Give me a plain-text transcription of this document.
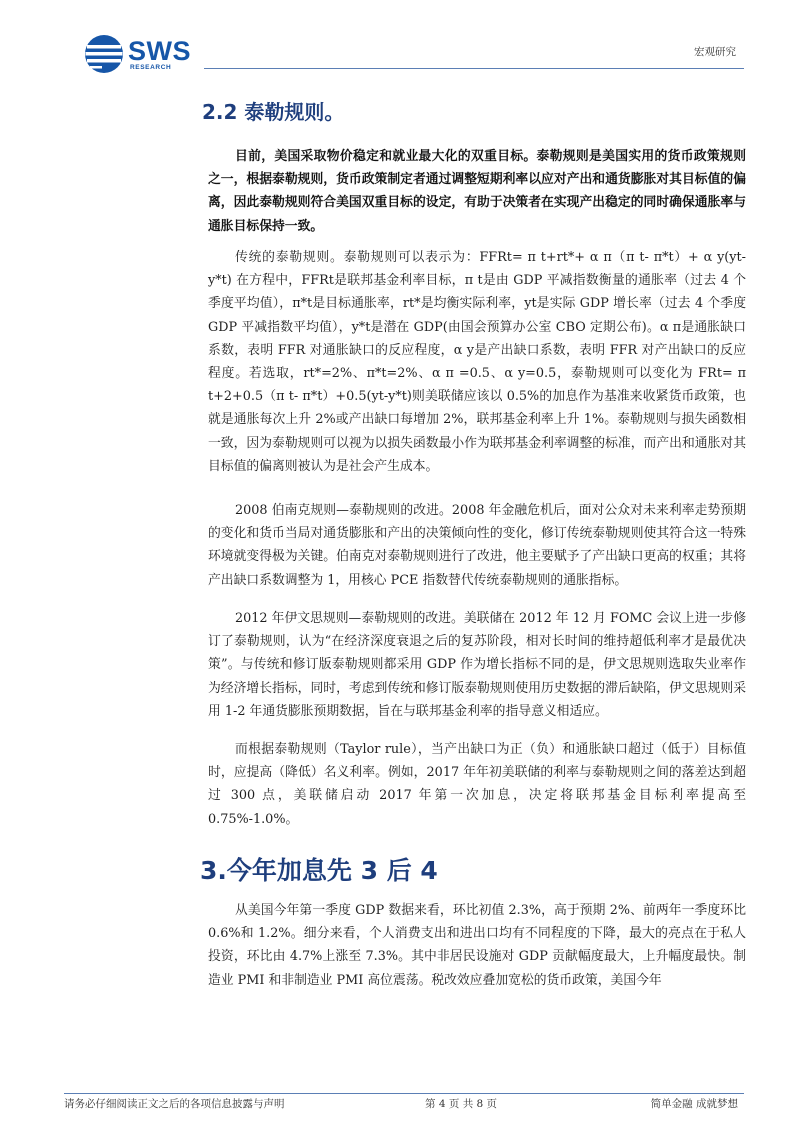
SWS
RESEARCH
宏观研究
2.2 泰勒规则。

目前，美国采取物价稳定和就业最大化的双重目标。泰勒规则是美国实用的货币政策规则之一，根据泰勒规则，货币政策制定者通过调整短期利率以应对产出和通货膨胀对其目标值的偏离，因此泰勒规则符合美国双重目标的设定，有助于决策者在实现产出稳定的同时确保通胀率与通胀目标保持一致。

传统的泰勒规则。泰勒规则可以表示为：FFRt= π t+rt*+ α π（π t- π*t）+ α y(yt-y*t) 在方程中，FFRt是联邦基金利率目标，π t是由 GDP 平减指数衡量的通胀率（过去 4 个季度平均值），π*t是目标通胀率，rt*是均衡实际利率，yt是实际 GDP 增长率（过去 4 个季度 GDP 平减指数平均值），y*t是潜在 GDP(由国会预算办公室 CBO 定期公布)。α π是通胀缺口系数，表明 FFR 对通胀缺口的反应程度，α y是产出缺口系数，表明 FFR 对产出缺口的反应程度。若选取，rt*=2%、π*t=2%、α π =0.5、α y=0.5，泰勒规则可以变化为 FRt= π t+2+0.5（π t- π*t）+0.5(yt-y*t)则美联储应该以 0.5%的加息作为基准来收紧货币政策，也就是通胀每次上升 2%或产出缺口每增加 2%，联邦基金利率上升 1%。泰勒规则与损失函数相一致，因为泰勒规则可以视为以损失函数最小作为联邦基金利率调整的标准，而产出和通胀对其目标值的偏离则被认为是社会产生成本。

2008 伯南克规则—泰勒规则的改进。2008 年金融危机后，面对公众对未来利率走势预期的变化和货币当局对通货膨胀和产出的决策倾向性的变化，修订传统泰勒规则使其符合这一特殊环境就变得极为关键。伯南克对泰勒规则进行了改进，他主要赋予了产出缺口更高的权重；其将产出缺口系数调整为 1，用核心 PCE 指数替代传统泰勒规则的通胀指标。

2012 年伊文思规则—泰勒规则的改进。美联储在 2012 年 12 月 FOMC 会议上进一步修订了泰勒规则，认为“在经济深度衰退之后的复苏阶段，相对长时间的维持超低利率才是最优决策”。与传统和修订版泰勒规则都采用 GDP 作为增长指标不同的是，伊文思规则选取失业率作为经济增长指标，同时，考虑到传统和修订版泰勒规则使用历史数据的滞后缺陷，伊文思规则采用 1-2 年通货膨胀预期数据，旨在与联邦基金利率的指导意义相适应。

而根据泰勒规则（Taylor rule），当产出缺口为正（负）和通胀缺口超过（低于）目标值时，应提高（降低）名义利率。例如，2017 年年初美联储的利率与泰勒规则之间的落差达到超过 300 点，美联储启动 2017 年第一次加息，决定将联邦基金目标利率提高至 0.75%-1.0%。

3.今年加息先 3 后 4

从美国今年第一季度 GDP 数据来看，环比初值 2.3%，高于预期 2%、前两年一季度环比 0.6%和 1.2%。细分来看，个人消费支出和进出口均有不同程度的下降，最大的亮点在于私人投资，环比由 4.7%上涨至 7.3%。其中非居民设施对 GDP 贡献幅度最大，上升幅度最快。制造业 PMI 和非制造业 PMI 高位震荡。税改效应叠加宽松的货币政策，美国今年

请务必仔细阅读正文之后的各项信息披露与声明	第 4 页 共 8 页	简单金融 成就梦想
